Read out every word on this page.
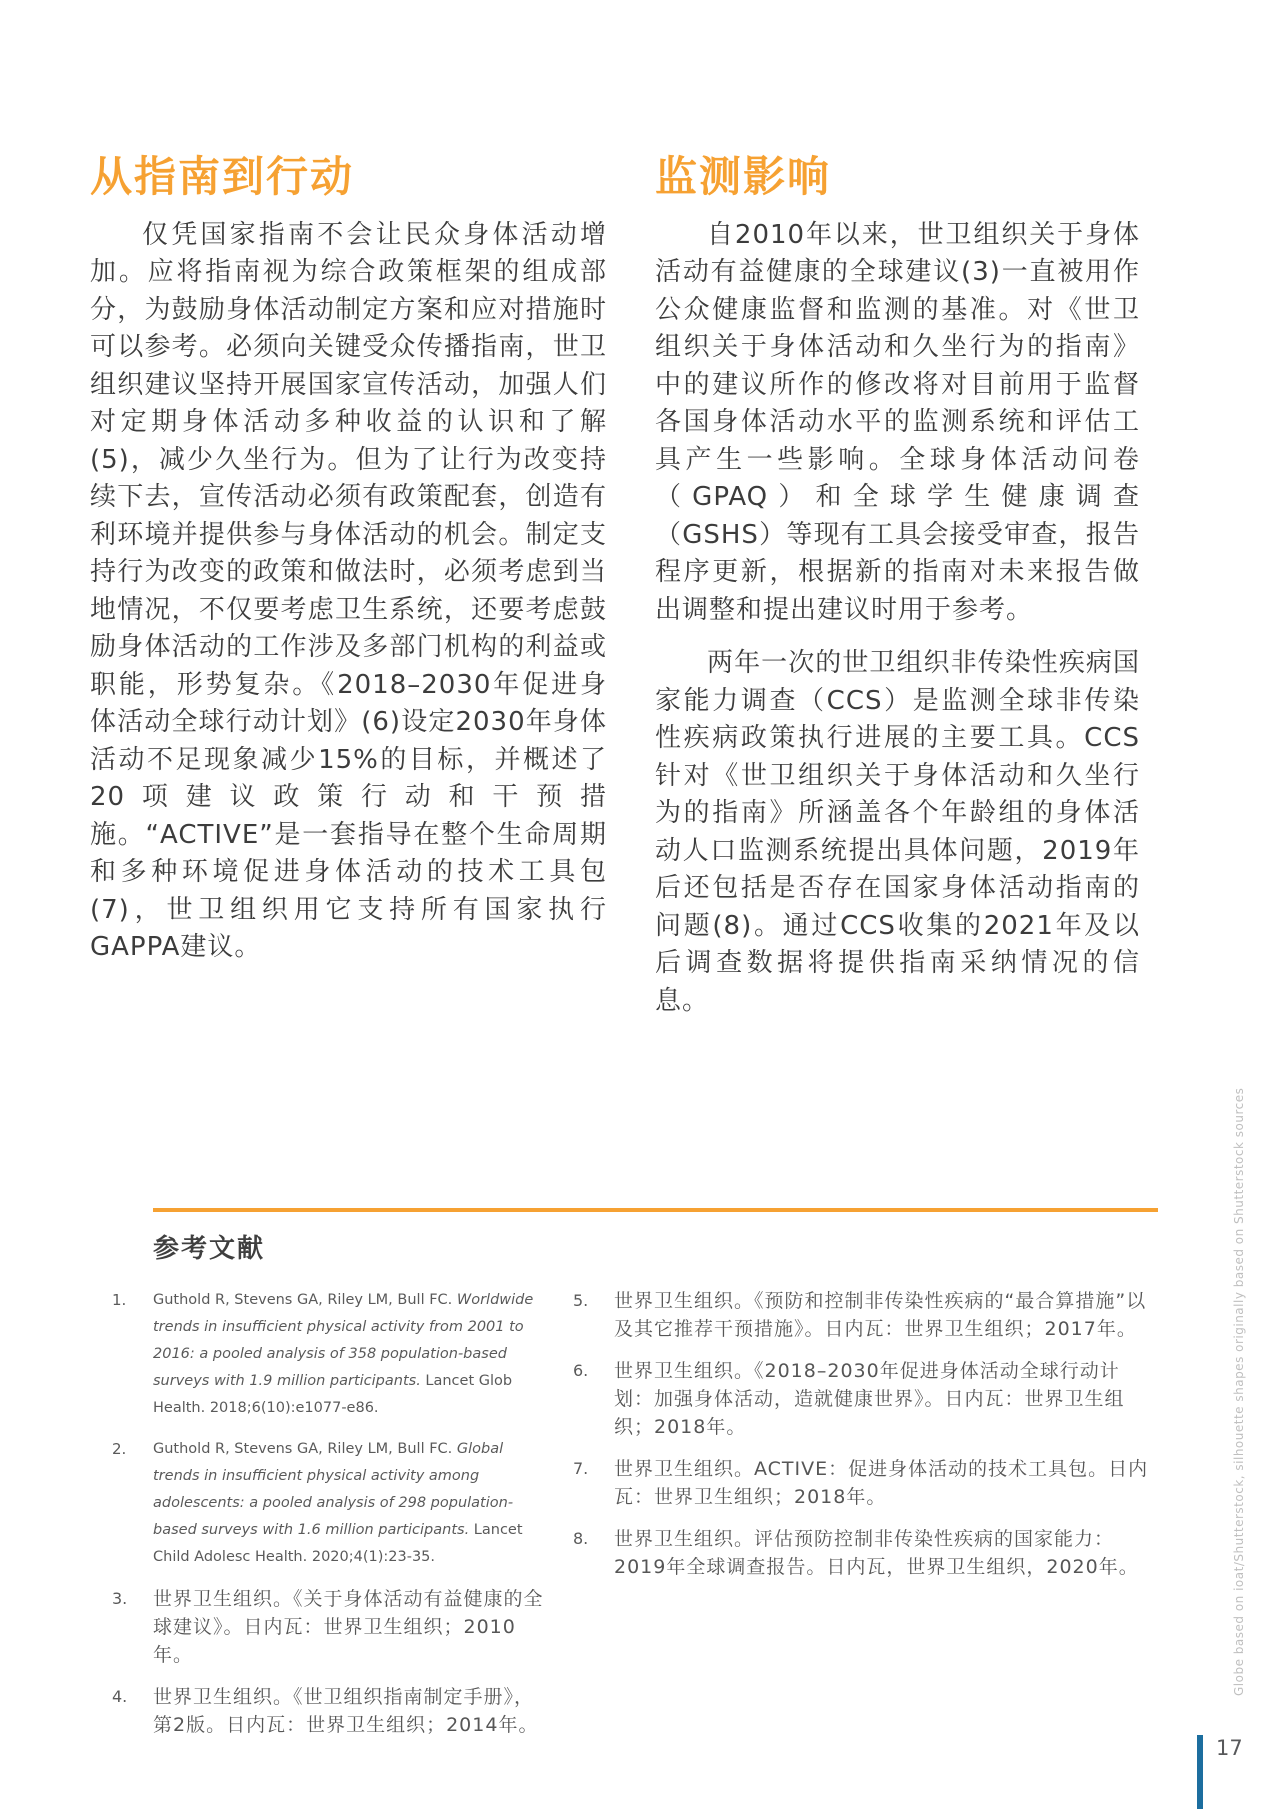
从指南到行动

仅凭国家指南不会让民众身体活动增加。应将指南视为综合政策框架的组成部分，为鼓励身体活动制定方案和应对措施时可以参考。必须向关键受众传播指南，世卫组织建议坚持开展国家宣传活动，加强人们对定期身体活动多种收益的认识和了解(5)，减少久坐行为。但为了让行为改变持续下去，宣传活动必须有政策配套，创造有利环境并提供参与身体活动的机会。制定支持行为改变的政策和做法时，必须考虑到当地情况，不仅要考虑卫生系统，还要考虑鼓励身体活动的工作涉及多部门机构的利益或职能，形势复杂。《2018–2030年促进身体活动全球行动计划》(6)设定2030年身体活动不足现象减少15%的目标，并概述了20项建议政策行动和干预措施。“ACTIVE”是一套指导在整个生命周期和多种环境促进身体活动的技术工具包(7)，世卫组织用它支持所有国家执行GAPPA建议。

监测影响

自2010年以来，世卫组织关于身体活动有益健康的全球建议(3)一直被用作公众健康监督和监测的基准。对《世卫组织关于身体活动和久坐行为的指南》中的建议所作的修改将对目前用于监督各国身体活动水平的监测系统和评估工具产生一些影响。全球身体活动问卷（GPAQ）和全球学生健康调查（GSHS）等现有工具会接受审查，报告程序更新，根据新的指南对未来报告做出调整和提出建议时用于参考。

两年一次的世卫组织非传染性疾病国家能力调查（CCS）是监测全球非传染性疾病政策执行进展的主要工具。CCS针对《世卫组织关于身体活动和久坐行为的指南》所涵盖各个年龄组的身体活动人口监测系统提出具体问题，2019年后还包括是否存在国家身体活动指南的问题(8)。通过CCS收集的2021年及以后调查数据将提供指南采纳情况的信息。

参考文献
1.	Guthold R, Stevens GA, Riley LM, Bull FC. Worldwide trends in insufficient physical activity from 2001 to 2016: a pooled analysis of 358 population-based surveys with 1.9 million participants. Lancet Glob Health. 2018;6(10):e1077-e86.
2.	Guthold R, Stevens GA, Riley LM, Bull FC. Global trends in insufficient physical activity among adolescents: a pooled analysis of 298 population-based surveys with 1.6 million participants. Lancet Child Adolesc Health. 2020;4(1):23-35.
3.	世界卫生组织。《关于身体活动有益健康的全球建议》。日内瓦：世界卫生组织；2010年。
4.	世界卫生组织。《世卫组织指南制定手册》，第2版。日内瓦：世界卫生组织；2014年。
5.	世界卫生组织。《预防和控制非传染性疾病的“最合算措施”以及其它推荐干预措施》。日内瓦：世界卫生组织；2017年。
6.	世界卫生组织。《2018–2030年促进身体活动全球行动计划：加强身体活动，造就健康世界》。日内瓦：世界卫生组织；2018年。
7.	世界卫生组织。ACTIVE：促进身体活动的技术工具包。日内瓦：世界卫生组织；2018年。
8.	世界卫生组织。评估预防控制非传染性疾病的国家能力：2019年全球调查报告。日内瓦，世界卫生组织，2020年。	Globe based on ioat/Shutterstock, silhouette shapes originally based on Shutterstock sources
17
